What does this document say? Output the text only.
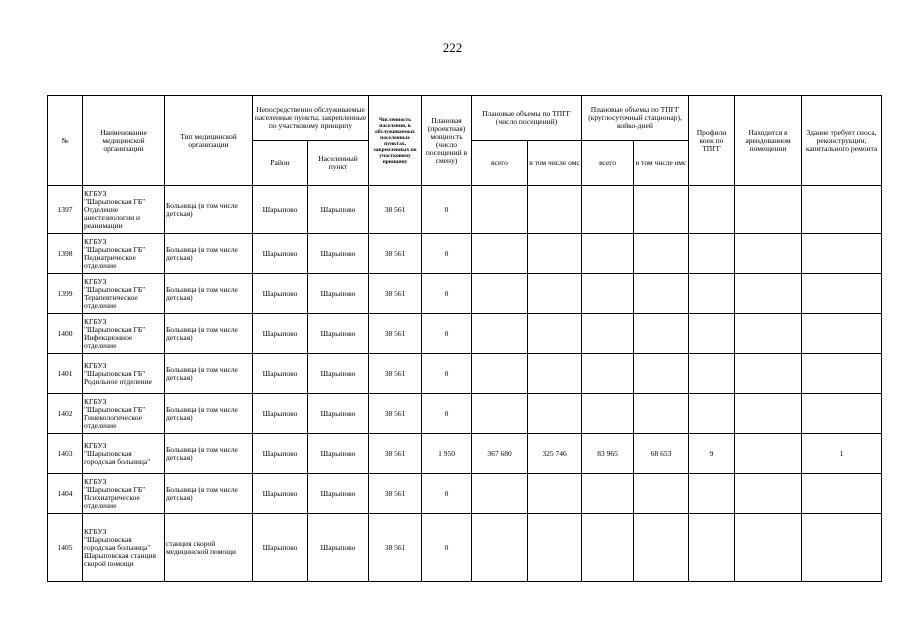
222
№	Наименование медицинской организации	Тип медицинской организации	Непосредственно обслуживаемые населенные пункты, закрепленные по участковому принципу		Численность населения, в обслуживаемых населенных пунктах, закрепленных по участковому принципу	Плановая (проектная) мощность (число посещений в смену)	Плановые объемы по ТПГГ (число посещений)		Плановые объемы по ТПГГ (круглосуточный стационар), койко-дней		Профили коек по ТПГГ	Находится в арендованном помещении	Здание требует сноса, реконструкции, капитального ремонта
			Район	Населенный пункт			всего	в том числе омс	всего	в том числе омс			
1397	КГБУЗ
"Шарыповская ГБ"
Отделение анестезиологии и реанимации	Больница (в том числе детская)	Шарыпово	Шарыпово	38 561	0							
1398	КГБУЗ
"Шарыповская ГБ"
Педиатрическое отделение	Больница (в том числе детская)	Шарыпово	Шарыпово	38 561	0							
1399	КГБУЗ
"Шарыповская ГБ"
Терапевтическое отделение	Больница (в том числе детская)	Шарыпово	Шарыпово	38 561	0							
1400	КГБУЗ
"Шарыповская ГБ"
Инфекционное отделение	Больница (в том числе детская)	Шарыпово	Шарыпово	38 561	0							
1401	КГБУЗ
"Шарыповская ГБ"
Родильное отделение	Больница (в том числе детская)	Шарыпово	Шарыпово	38 561	0							
1402	КГБУЗ
"Шарыповская ГБ"
Гинекологическое отделение	Больница (в том числе детская)	Шарыпово	Шарыпово	38 561	0							
1403	КГБУЗ
"Шарыповская городская больница"	Больница (в том числе детская)	Шарыпово	Шарыпово	38 561	1 950	367 680	325 746	83 965	68 653	9		1
1404	КГБУЗ
"Шарыповская ГБ"
Психиатрическое отделение	Больница (в том числе детская)	Шарыпово	Шарыпово	38 561	0							
1405	КГБУЗ
"Шарыповская городская больница"
Шарыповская станция скорой помощи	станция скорой медицинской помощи	Шарыпово	Шарыпово	38 561	0							
